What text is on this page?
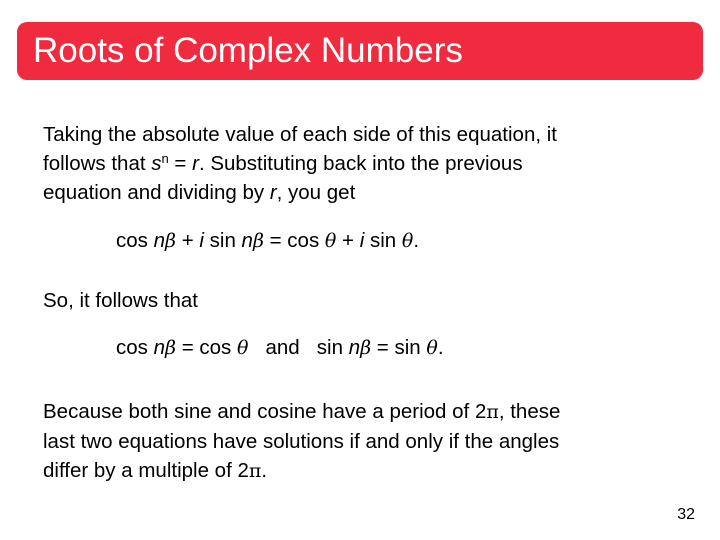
Roots of Complex Numbers
Taking the absolute value of each side of this equation, it
follows that $s^n = r$. Substituting back into the previous
equation and dividing by r, you get
cos nβ + i sin nβ = cos θ + i sin θ.
So, it follows that
cos nβ = cos θ   and   sin nβ = sin θ.
Because both sine and cosine have a period of 2π, these
last two equations have solutions if and only if the angles
differ by a multiple of 2π.
32
